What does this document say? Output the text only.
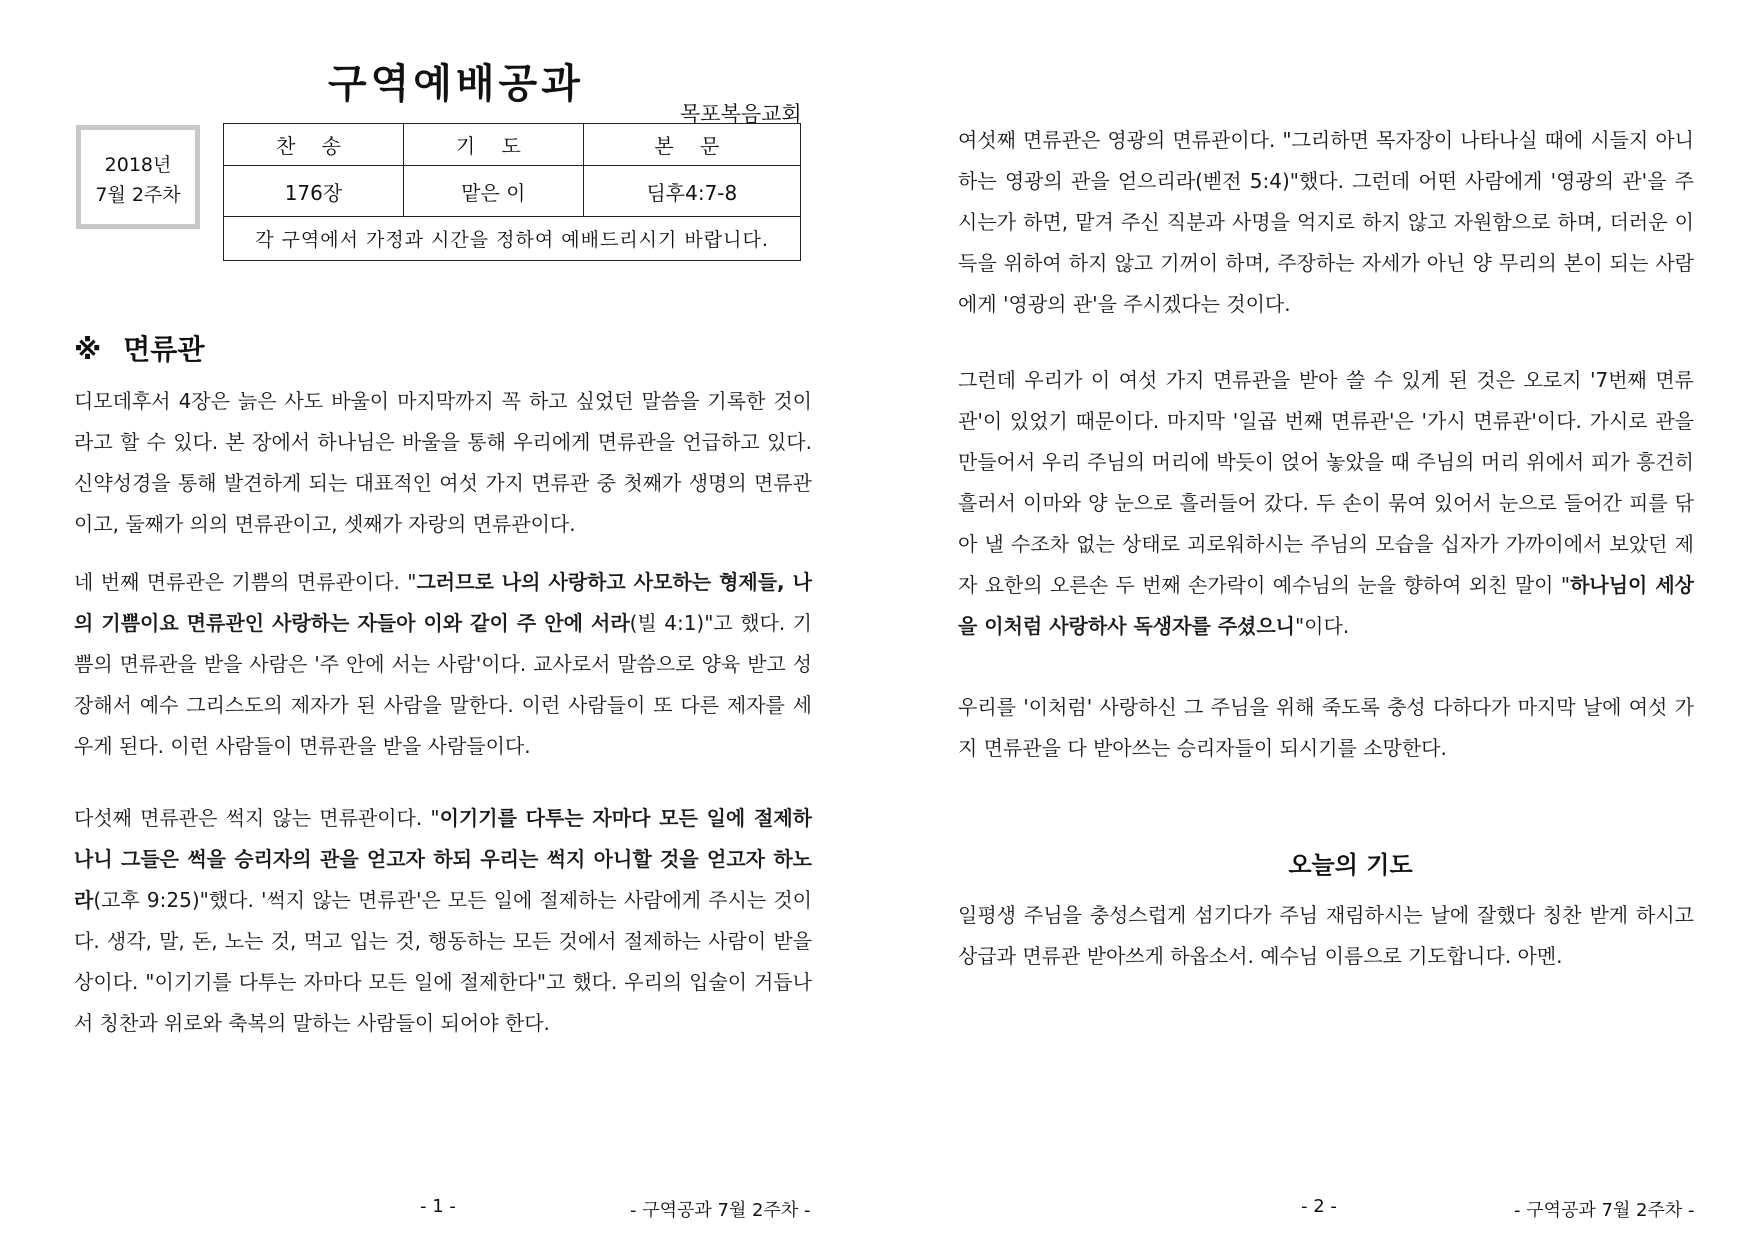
구역예배공과
목포복음교회
2018년
7월 2주차
찬 송	기 도	본 문
176장	맡은 이	딤후4:7-8
각 구역에서 가정과 시간을 정하여 예배드리시기 바랍니다.		
※ 면류관

디모데후서 4장은 늙은 사도 바울이 마지막까지 꼭 하고 싶었던 말씀을 기록한 것이라고 할 수 있다. 본 장에서 하나님은 바울을 통해 우리에게 면류관을 언급하고 있다. 신약성경을 통해 발견하게 되는 대표적인 여섯 가지 면류관 중 첫째가 생명의 면류관이고, 둘째가 의의 면류관이고, 셋째가 자랑의 면류관이다.

네 번째 면류관은 기쁨의 면류관이다. "그러므로 나의 사랑하고 사모하는 형제들, 나의 기쁨이요 면류관인 사랑하는 자들아 이와 같이 주 안에 서라(빌 4:1)"고 했다. 기쁨의 면류관을 받을 사람은 '주 안에 서는 사람'이다. 교사로서 말씀으로 양육 받고 성장해서 예수 그리스도의 제자가 된 사람을 말한다. 이런 사람들이 또 다른 제자를 세우게 된다. 이런 사람들이 면류관을 받을 사람들이다.

다섯째 면류관은 썩지 않는 면류관이다. "이기기를 다투는 자마다 모든 일에 절제하나니 그들은 썩을 승리자의 관을 얻고자 하되 우리는 썩지 아니할 것을 얻고자 하노라(고후 9:25)"했다. '썩지 않는 면류관'은 모든 일에 절제하는 사람에게 주시는 것이다. 생각, 말, 돈, 노는 것, 먹고 입는 것, 행동하는 모든 것에서 절제하는 사람이 받을 상이다. "이기기를 다투는 자마다 모든 일에 절제한다"고 했다. 우리의 입술이 거듭나서 칭찬과 위로와 축복의 말하는 사람들이 되어야 한다.

- 1 -	- 구역공과 7월 2주차 -

여섯째 면류관은 영광의 면류관이다. "그리하면 목자장이 나타나실 때에 시들지 아니하는 영광의 관을 얻으리라(벧전 5:4)"했다. 그런데 어떤 사람에게 '영광의 관'을 주시는가 하면, 맡겨 주신 직분과 사명을 억지로 하지 않고 자원함으로 하며, 더러운 이득을 위하여 하지 않고 기꺼이 하며, 주장하는 자세가 아닌 양 무리의 본이 되는 사람에게 '영광의 관'을 주시겠다는 것이다.

그런데 우리가 이 여섯 가지 면류관을 받아 쓸 수 있게 된 것은 오로지 '7번째 면류관'이 있었기 때문이다. 마지막 '일곱 번째 면류관'은 '가시 면류관'이다. 가시로 관을 만들어서 우리 주님의 머리에 박듯이 얹어 놓았을 때 주님의 머리 위에서 피가 흥건히 흘러서 이마와 양 눈으로 흘러들어 갔다. 두 손이 묶여 있어서 눈으로 들어간 피를 닦아 낼 수조차 없는 상태로 괴로워하시는 주님의 모습을 십자가 가까이에서 보았던 제자 요한의 오른손 두 번째 손가락이 예수님의 눈을 향하여 외친 말이 "하나님이 세상을 이처럼 사랑하사 독생자를 주셨으니"이다.

우리를 '이처럼' 사랑하신 그 주님을 위해 죽도록 충성 다하다가 마지막 날에 여섯 가지 면류관을 다 받아쓰는 승리자들이 되시기를 소망한다.

오늘의 기도

일평생 주님을 충성스럽게 섬기다가 주님 재림하시는 날에 잘했다 칭찬 받게 하시고 상급과 면류관 받아쓰게 하옵소서. 예수님 이름으로 기도합니다. 아멘.

- 2 -	- 구역공과 7월 2주차 -
